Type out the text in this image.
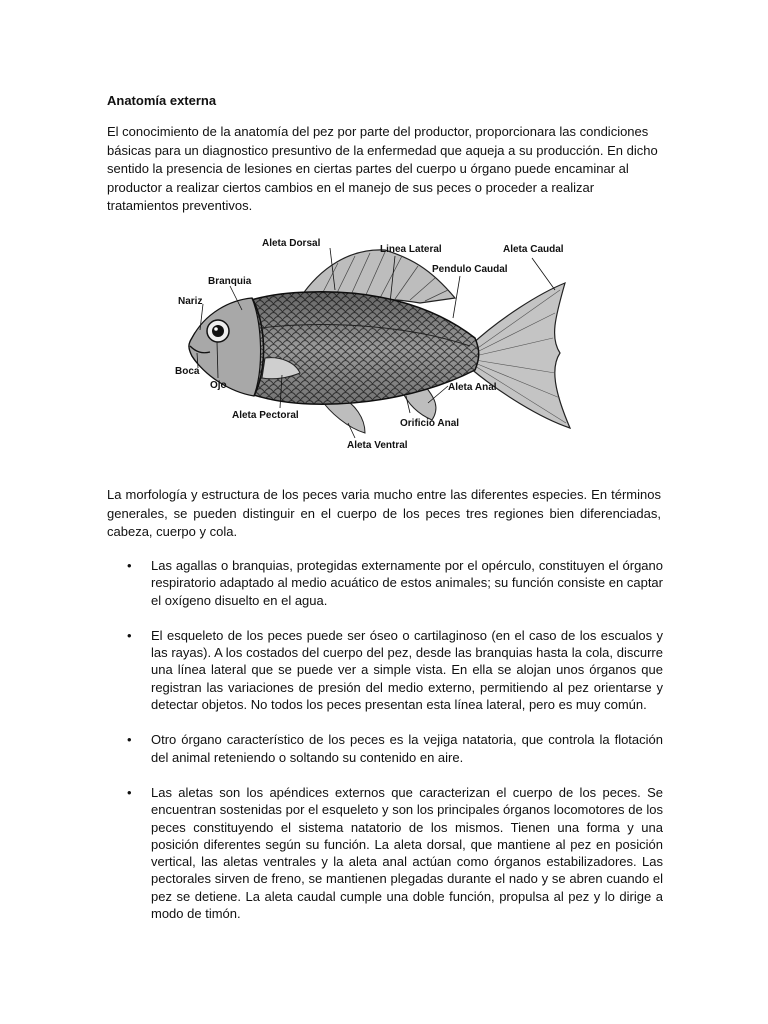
Anatomía externa

El conocimiento de la anatomía del pez por parte del productor, proporcionara las condiciones básicas para un diagnostico presuntivo de la enfermedad que aqueja a su producción. En dicho sentido la presencia de lesiones en ciertas partes del cuerpo u órgano puede encaminar al productor a realizar ciertos cambios en el manejo de sus peces o proceder a realizar tratamientos preventivos.

Aleta Dorsal
Linea Lateral	Aleta Caudal
Pendulo Caudal
Branquia
Nariz
Boca
Ojo	Aleta Anal
Aleta Pectoral
Orificio Anal
Aleta Ventral

La morfología y estructura de los peces varia mucho entre las diferentes especies. En términos generales, se pueden distinguir en el cuerpo de los peces tres regiones bien diferenciadas, cabeza, cuerpo y cola.

• Las agallas o branquias, protegidas externamente por el opérculo, constituyen el órgano respiratorio adaptado al medio acuático de estos animales; su función consiste en captar el oxígeno disuelto en el agua.
• El esqueleto de los peces puede ser óseo o cartilaginoso (en el caso de los escualos y las rayas). A los costados del cuerpo del pez, desde las branquias hasta la cola, discurre una línea lateral que se puede ver a simple vista. En ella se alojan unos órganos que registran las variaciones de presión del medio externo, permitiendo al pez orientarse y detectar objetos. No todos los peces presentan esta línea lateral, pero es muy común.
• Otro órgano característico de los peces es la vejiga natatoria, que controla la flotación del animal reteniendo o soltando su contenido en aire.
• Las aletas son los apéndices externos que caracterizan el cuerpo de los peces. Se encuentran sostenidas por el esqueleto y son los principales órganos locomotores de los peces constituyendo el sistema natatorio de los mismos. Tienen una forma y una posición diferentes según su función. La aleta dorsal, que mantiene al pez en posición vertical, las aletas ventrales y la aleta anal actúan como órganos estabilizadores. Las pectorales sirven de freno, se mantienen plegadas durante el nado y se abren cuando el pez se detiene. La aleta caudal cumple una doble función, propulsa al pez y lo dirige a modo de timón.
